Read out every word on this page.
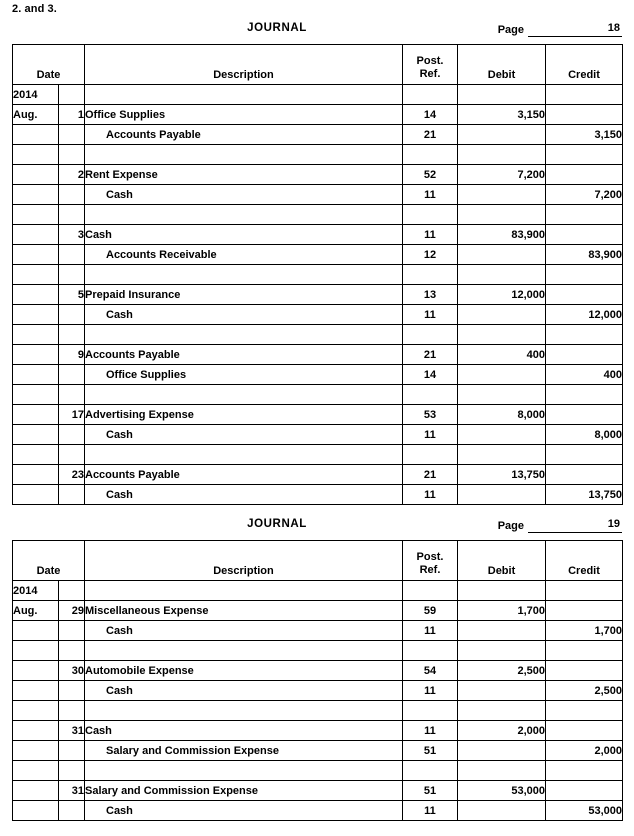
2. and 3.
JOURNAL	Page	18
Date		Description	Post.
Ref.	Debit	Credit
2014					
Aug.	1	Office Supplies	14	3,150	
		Accounts Payable	21		3,150

	2	Rent Expense	52	7,200	
		Cash	11		7,200

	3	Cash	11	83,900	
		Accounts Receivable	12		83,900

	5	Prepaid Insurance	13	12,000	
		Cash	11		12,000

	9	Accounts Payable	21	400	
		Office Supplies	14		400

	17	Advertising Expense	53	8,000	
		Cash	11		8,000

	23	Accounts Payable	21	13,750	
		Cash	11		13,750
JOURNAL	Page	19
Date		Description	Post.
Ref.	Debit	Credit
2014					
Aug.	29	Miscellaneous Expense	59	1,700	
		Cash	11		1,700

	30	Automobile Expense	54	2,500	
		Cash	11		2,500

	31	Cash	11	2,000	
		Salary and Commission Expense	51		2,000

	31	Salary and Commission Expense	51	53,000	
		Cash	11		53,000
